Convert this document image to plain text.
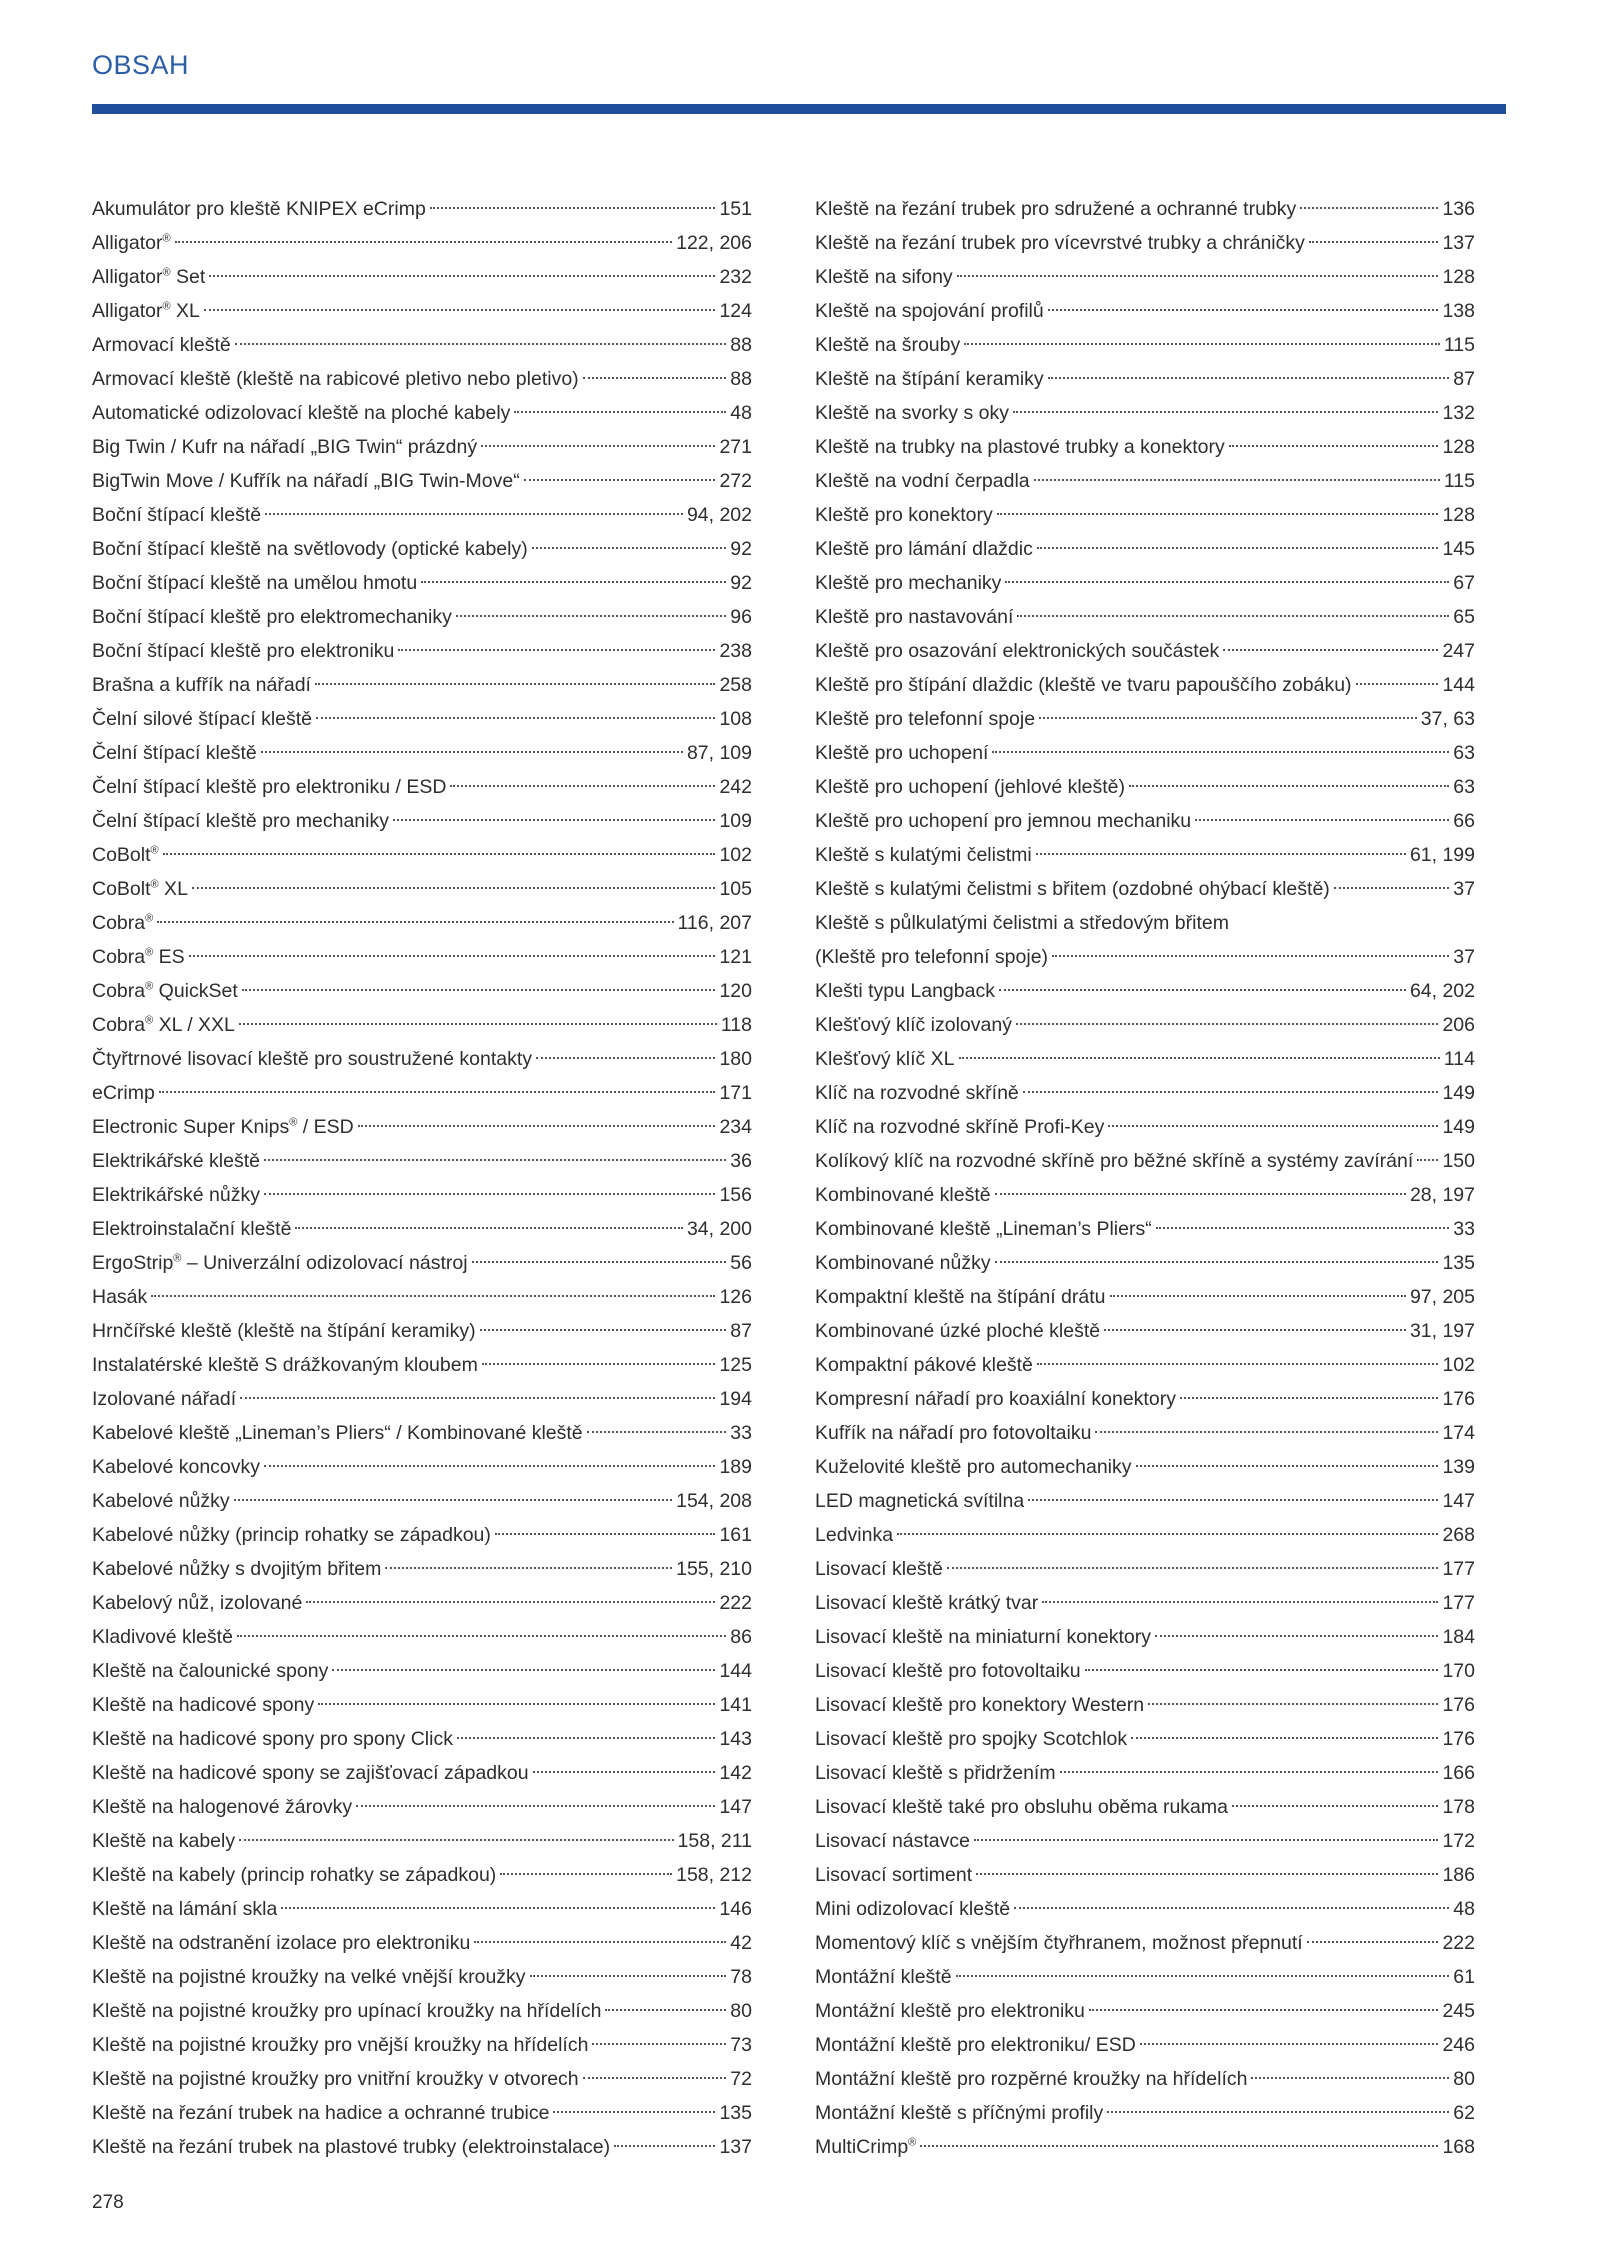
OBSAH
Akumulátor pro kleště KNIPEX eCrimp	151
Alligator®	122, 206
Alligator® Set	232
Alligator® XL	124
Armovací kleště	88
Armovací kleště (kleště na rabicové pletivo nebo pletivo)	88
Automatické odizolovací kleště na ploché kabely	48
Big Twin / Kufr na nářadí „BIG Twin“ prázdný	271
BigTwin Move / Kufřík na nářadí „BIG Twin-Move“	272
Boční štípací kleště	94, 202
Boční štípací kleště na světlovody (optické kabely)	92
Boční štípací kleště na umělou hmotu	92
Boční štípací kleště pro elektromechaniky	96
Boční štípací kleště pro elektroniku	238
Brašna a kufřík na nářadí	258
Čelní silové štípací kleště	108
Čelní štípací kleště	87, 109
Čelní štípací kleště pro elektroniku / ESD	242
Čelní štípací kleště pro mechaniky	109
CoBolt®	102
CoBolt® XL	105
Cobra®	116, 207
Cobra® ES	121
Cobra® QuickSet	120
Cobra® XL / XXL	118
Čtyřtrnové lisovací kleště pro soustružené kontakty	180
eCrimp	171
Electronic Super Knips® / ESD	234
Elektrikářské kleště	36
Elektrikářské nůžky	156
Elektroinstalační kleště	34, 200
ErgoStrip® – Univerzální odizolovací nástroj	56
Hasák	126
Hrnčířské kleště (kleště na štípání keramiky)	87
Instalatérské kleště S drážkovaným kloubem	125
Izolované nářadí	194
Kabelové kleště „Lineman’s Pliers“ / Kombinované kleště	33
Kabelové koncovky	189
Kabelové nůžky	154, 208
Kabelové nůžky (princip rohatky se západkou)	161
Kabelové nůžky s dvojitým břitem	155, 210
Kabelový nůž, izolované	222
Kladivové kleště	86
Kleště na čalounické spony	144
Kleště na hadicové spony	141
Kleště na hadicové spony pro spony Click	143
Kleště na hadicové spony se zajišťovací západkou	142
Kleště na halogenové žárovky	147
Kleště na kabely	158, 211
Kleště na kabely (princip rohatky se západkou)	158, 212
Kleště na lámání skla	146
Kleště na odstranění izolace pro elektroniku	42
Kleště na pojistné kroužky na velké vnější kroužky	78
Kleště na pojistné kroužky pro upínací kroužky na hřídelích	80
Kleště na pojistné kroužky pro vnější kroužky na hřídelích	73
Kleště na pojistné kroužky pro vnitřní kroužky v otvorech	72
Kleště na řezání trubek na hadice a ochranné trubice	135
Kleště na řezání trubek na plastové trubky (elektroinstalace)	137
Kleště na řezání trubek pro sdružené a ochranné trubky	136
Kleště na řezání trubek pro vícevrstvé trubky a chráničky	137
Kleště na sifony	128
Kleště na spojování profilů	138
Kleště na šrouby	115
Kleště na štípání keramiky	87
Kleště na svorky s oky	132
Kleště na trubky na plastové trubky a konektory	128
Kleště na vodní čerpadla	115
Kleště pro konektory	128
Kleště pro lámání dlaždic	145
Kleště pro mechaniky	67
Kleště pro nastavování	65
Kleště pro osazování elektronických součástek	247
Kleště pro štípání dlaždic (kleště ve tvaru papouščího zobáku)	144
Kleště pro telefonní spoje	37, 63
Kleště pro uchopení	63
Kleště pro uchopení (jehlové kleště)	63
Kleště pro uchopení pro jemnou mechaniku	66
Kleště s kulatými čelistmi	61, 199
Kleště s kulatými čelistmi s břitem (ozdobné ohýbací kleště)	37
Kleště s půlkulatými čelistmi a středovým břitem
(Kleště pro telefonní spoje)	37
Klešti typu Langback	64, 202
Klešťový klíč izolovaný	206
Klešťový klíč XL	114
Klíč na rozvodné skříně	149
Klíč na rozvodné skříně Profi-Key	149
Kolíkový klíč na rozvodné skříně pro běžné skříně a systémy zavírání 150
Kombinované kleště	28, 197
Kombinované kleště „Lineman’s Pliers“	33
Kombinované nůžky	135
Kompaktní kleště na štípání drátu	97, 205
Kombinované úzké ploché kleště	31, 197
Kompaktní pákové kleště	102
Kompresní nářadí pro koaxiální konektory	176
Kufřík na nářadí pro fotovoltaiku	174
Kuželovité kleště pro automechaniky	139
LED magnetická svítilna	147
Ledvinka	268
Lisovací kleště	177
Lisovací kleště krátký tvar	177
Lisovací kleště na miniaturní konektory	184
Lisovací kleště pro fotovoltaiku	170
Lisovací kleště pro konektory Western	176
Lisovací kleště pro spojky Scotchlok	176
Lisovací kleště s přidržením	166
Lisovací kleště také pro obsluhu oběma rukama	178
Lisovací nástavce	172
Lisovací sortiment	186
Mini odizolovací kleště	48
Momentový klíč s vnějším čtyřhranem, možnost přepnutí	222
Montážní kleště	61
Montážní kleště pro elektroniku	245
Montážní kleště pro elektroniku/ ESD	246
Montážní kleště pro rozpěrné kroužky na hřídelích	80
Montážní kleště s příčnými profily	62
MultiCrimp®	168
278
